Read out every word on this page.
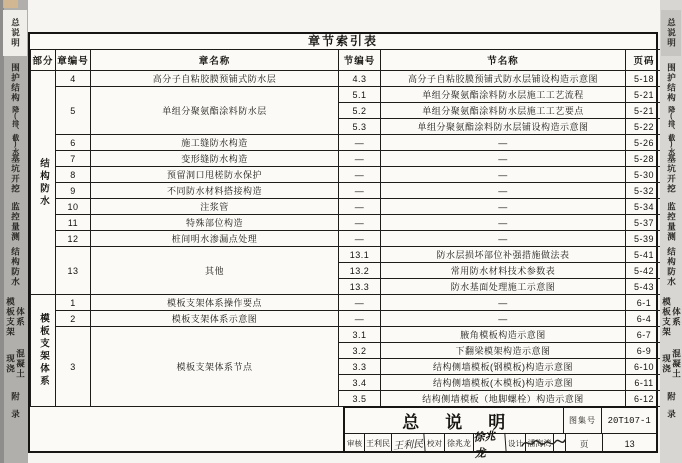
总说明
围护结构
降(排、截)水
基坑开挖
监控量测
结构防水
模板支架 体系
现浇 混凝土
附录
章节索引表
部分	章编号	章名称	节编号	节名称	页码
结构防水	4	高分子自粘胶膜预铺式防水层	4.3	高分子自粘胶膜预铺式防水层铺设构造示意图	5-18
	5	单组分聚氨酯涂料防水层	5.1	单组分聚氨酯涂料防水层施工工艺流程	5-21
			5.2	单组分聚氨酯涂料防水层施工工艺要点	5-21
			5.3	单组分聚氨酯涂料防水层铺设构造示意图	5-22
	6	施工缝防水构造	—	—	5-26
	7	变形缝防水构造	—	—	5-28
	8	预留洞口甩槎防水保护	—	—	5-30
	9	不同防水材料搭接构造	—	—	5-32
	10	注浆管	—	—	5-34
	11	特殊部位构造	—	—	5-37
	12	桩间明水渗漏点处理	—	—	5-39
	13	其他	13.1	防水层损坏部位补强措施做法表	5-41
			13.2	常用防水材料技术参数表	5-42
			13.3	防水基面处理施工示意图	5-43
模板支架体系	1	模板支架体系操作要点	—	—	6-1
	2	模板支架体系示意图	—	—	6-4
	3	模板支架体系节点	3.1	腋角模板构造示意图	6-7
			3.2	下翻梁模架构造示意图	6-9
			3.3	结构侧墙模板(钢模板)构造示意图	6-10
			3.4	结构侧墙模板(木模板)构造示意图	6-11
			3.5	结构侧墙模板（地脚螺栓）构造示意图	6-12
总说明	图集号	20T107-1
审核 王利民 王利民 校对 徐兆龙 徐兆龙
设计 潘海湾	页	13
总说明
围护结构
降(排、截)水
基坑开挖
监控量测
结构防水
模板支架 体系
现浇 混凝土
附录
